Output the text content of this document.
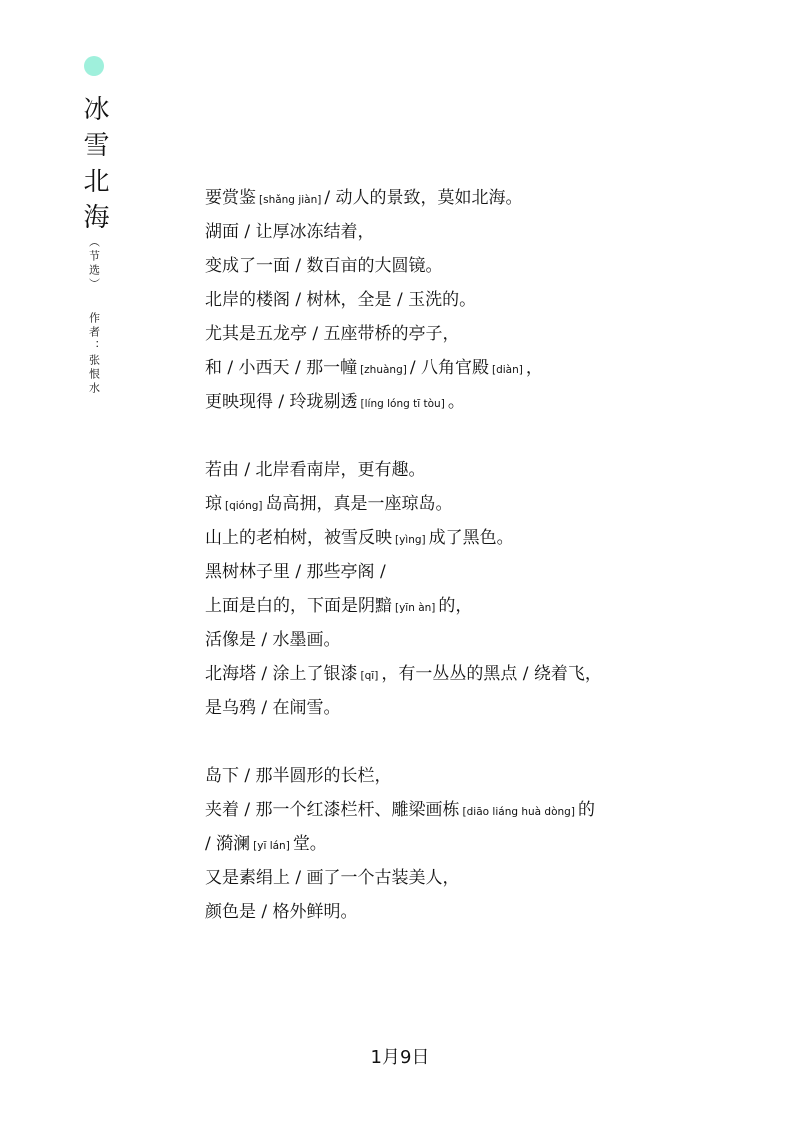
冰雪北海
（节选）
作者：张恨水
要赏鉴 [shǎng jiàn] / 动人的景致，莫如北海。
湖面 / 让厚冰冻结着，
变成了一面 / 数百亩的大圆镜。
北岸的楼阁 / 树林，全是 / 玉洗的。
尤其是五龙亭 / 五座带桥的亭子，
和 / 小西天 / 那一幢 [zhuàng] / 八角官殿 [diàn] ，
更映现得 / 玲珑剔透 [líng lóng tī tòu] 。
若由 / 北岸看南岸，更有趣。
琼 [qióng] 岛高拥，真是一座琼岛。
山上的老柏树，被雪反映 [yìng] 成了黑色。
黑树林子里 / 那些亭阁 /
上面是白的，下面是阴黯 [yīn àn] 的，
活像是 / 水墨画。
北海塔 / 涂上了银漆 [qī] ，有一丛丛的黑点 / 绕着飞，
是乌鸦 / 在闹雪。
岛下 / 那半圆形的长栏，
夹着 / 那一个红漆栏杆、雕梁画栋 [diāo liáng huà dòng] 的
/ 漪澜 [yī lán] 堂。
又是素绢上 / 画了一个古装美人，
颜色是 / 格外鲜明。
1月9日
